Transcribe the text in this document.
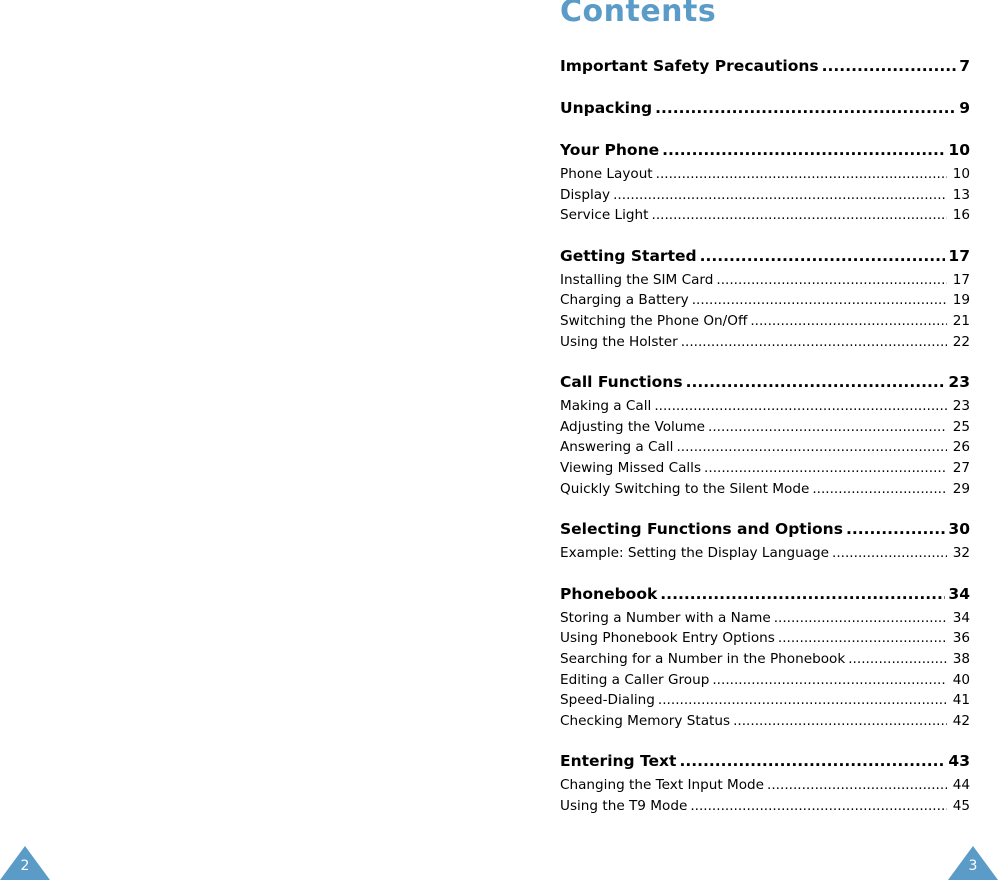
Contents
Important Safety Precautions .....	7
Unpacking .....	9
Your Phone .....	10
Phone Layout .....	10
Display .....	13
Service Light .....	16
Getting Started .....	17
Installing the SIM Card .....	17
Charging a Battery .....	19
Switching the Phone On/Off .....	21
Using the Holster .....	22
Call Functions .....	23
Making a Call .....	23
Adjusting the Volume .....	25
Answering a Call .....	26
Viewing Missed Calls .....	27
Quickly Switching to the Silent Mode .....	29
Selecting Functions and Options .....	30
Example: Setting the Display Language .....	32
Phonebook .....	34
Storing a Number with a Name .....	34
Using Phonebook Entry Options .....	36
Searching for a Number in the Phonebook .....	38
Editing a Caller Group .....	40
Speed-Dialing .....	41
Checking Memory Status .....	42
Entering Text .....	43
Changing the Text Input Mode .....	44
Using the T9 Mode .....	45
2	3
